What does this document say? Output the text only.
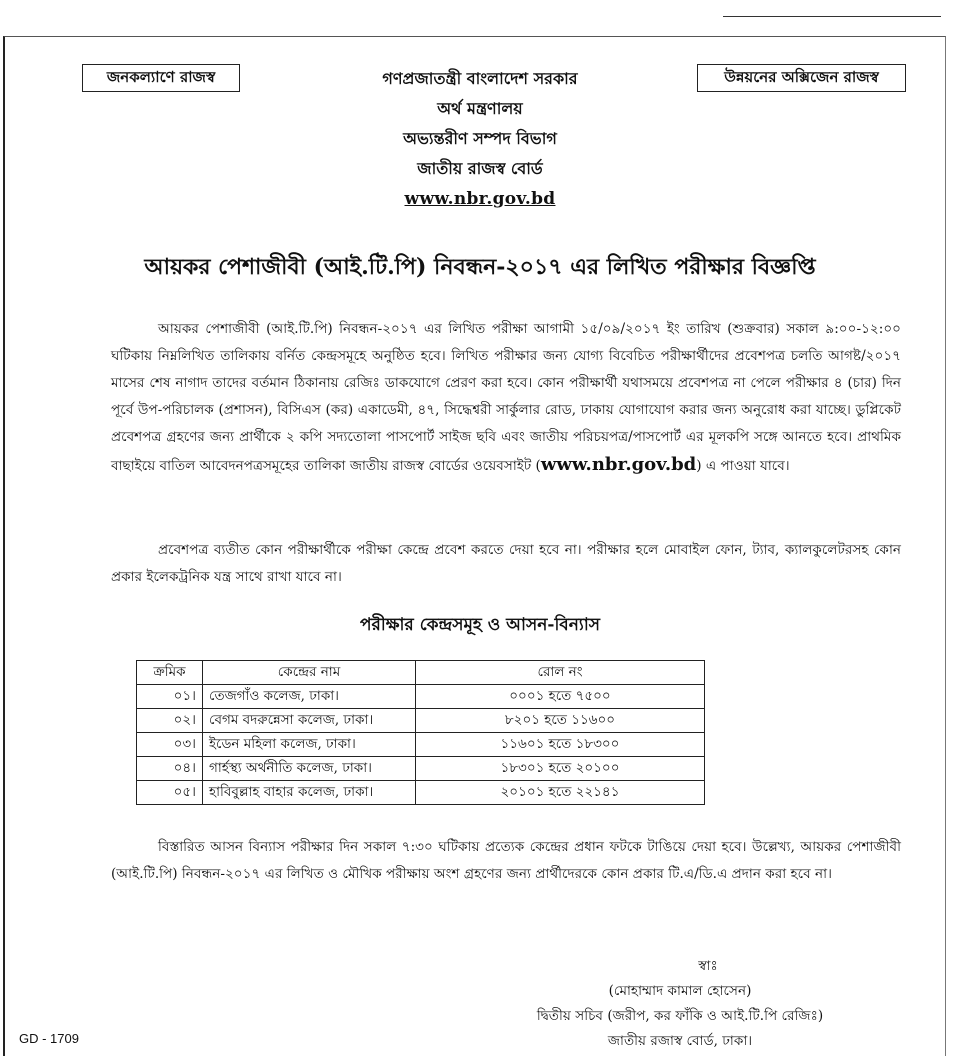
জনকল্যাণে রাজস্ব	উন্নয়নের অক্সিজেন রাজস্ব
গণপ্রজাতন্ত্রী বাংলাদেশ সরকার
অর্থ মন্ত্রণালয়
অভ্যন্তরীণ সম্পদ বিভাগ
জাতীয় রাজস্ব বোর্ড
www.nbr.gov.bd
আয়কর পেশাজীবী (আই.টি.পি) নিবন্ধন-২০১৭ এর লিখিত পরীক্ষার বিজ্ঞপ্তি
আয়কর পেশাজীবী (আই.টি.পি) নিবন্ধন-২০১৭ এর লিখিত পরীক্ষা আগামী ১৫/০৯/২০১৭ ইং তারিখ (শুক্রবার) সকাল ৯:০০-১২:০০ ঘটিকায় নিম্নলিখিত তালিকায় বর্নিত কেন্দ্রসমূহে অনুষ্ঠিত হবে। লিখিত পরীক্ষার জন্য যোগ্য বিবেচিত পরীক্ষার্থীদের প্রবেশপত্র চলতি আগষ্ট/২০১৭ মাসের শেষ নাগাদ তাদের বর্তমান ঠিকানায় রেজিঃ ডাকযোগে প্রেরণ করা হবে। কোন পরীক্ষার্থী যথাসময়ে প্রবেশপত্র না পেলে পরীক্ষার ৪ (চার) দিন পূর্বে উপ-পরিচালক (প্রশাসন), বিসিএস (কর) একাডেমী, ৪৭, সিদ্ধেশ্বরী সার্কুলার রোড, ঢাকায় যোগাযোগ করার জন্য অনুরোধ করা যাচ্ছে। ডুপ্লিকেট প্রবেশপত্র গ্রহণের জন্য প্রার্থীকে ২ কপি সদ্যতোলা পাসপোর্ট সাইজ ছবি এবং জাতীয় পরিচয়পত্র/পাসপোর্ট এর মূলকপি সঙ্গে আনতে হবে। প্রাথমিক বাছাইয়ে বাতিল আবেদনপত্রসমূহের তালিকা জাতীয় রাজস্ব বোর্ডের ওয়েবসাইট (www.nbr.gov.bd) এ পাওয়া যাবে।
প্রবেশপত্র ব্যতীত কোন পরীক্ষার্থীকে পরীক্ষা কেন্দ্রে প্রবেশ করতে দেয়া হবে না। পরীক্ষার হলে মোবাইল ফোন, ট্যাব, ক্যালকুলেটরসহ কোন প্রকার ইলেকট্রনিক যন্ত্র সাথে রাখা যাবে না।
পরীক্ষার কেন্দ্রসমূহ ও আসন-বিন্যাস
ক্রমিক	কেন্দ্রের নাম	রোল নং
০১।	তেজগাঁও কলেজ, ঢাকা।	০০০১ হতে ৭৫০০
০২।	বেগম বদরুন্নেসা কলেজ, ঢাকা।	৮২০১ হতে ১১৬০০
০৩।	ইডেন মহিলা কলেজ, ঢাকা।	১১৬০১ হতে ১৮৩০০
০৪।	গার্হস্থ্য অর্থনীতি কলেজ, ঢাকা।	১৮৩০১ হতে ২০১০০
০৫।	হাবিবুল্লাহ বাহার কলেজ, ঢাকা।	২০১০১ হতে ২২১৪১
বিস্তারিত আসন বিন্যাস পরীক্ষার দিন সকাল ৭:৩০ ঘটিকায় প্রত্যেক কেন্দ্রের প্রধান ফটকে টাঙিয়ে দেয়া হবে। উল্লেখ্য, আয়কর পেশাজীবী (আই.টি.পি) নিবন্ধন-২০১৭ এর লিখিত ও মৌখিক পরীক্ষায় অংশ গ্রহণের জন্য প্রার্থীদেরকে কোন প্রকার টি.এ/ডি.এ প্রদান করা হবে না।
স্বাঃ
(মোহাম্মাদ কামাল হোসেন)
দ্বিতীয় সচিব (জরীপ, কর ফাঁকি ও আই.টি.পি রেজিঃ)
জাতীয় রজাস্ব বোর্ড, ঢাকা।
GD - 1709
